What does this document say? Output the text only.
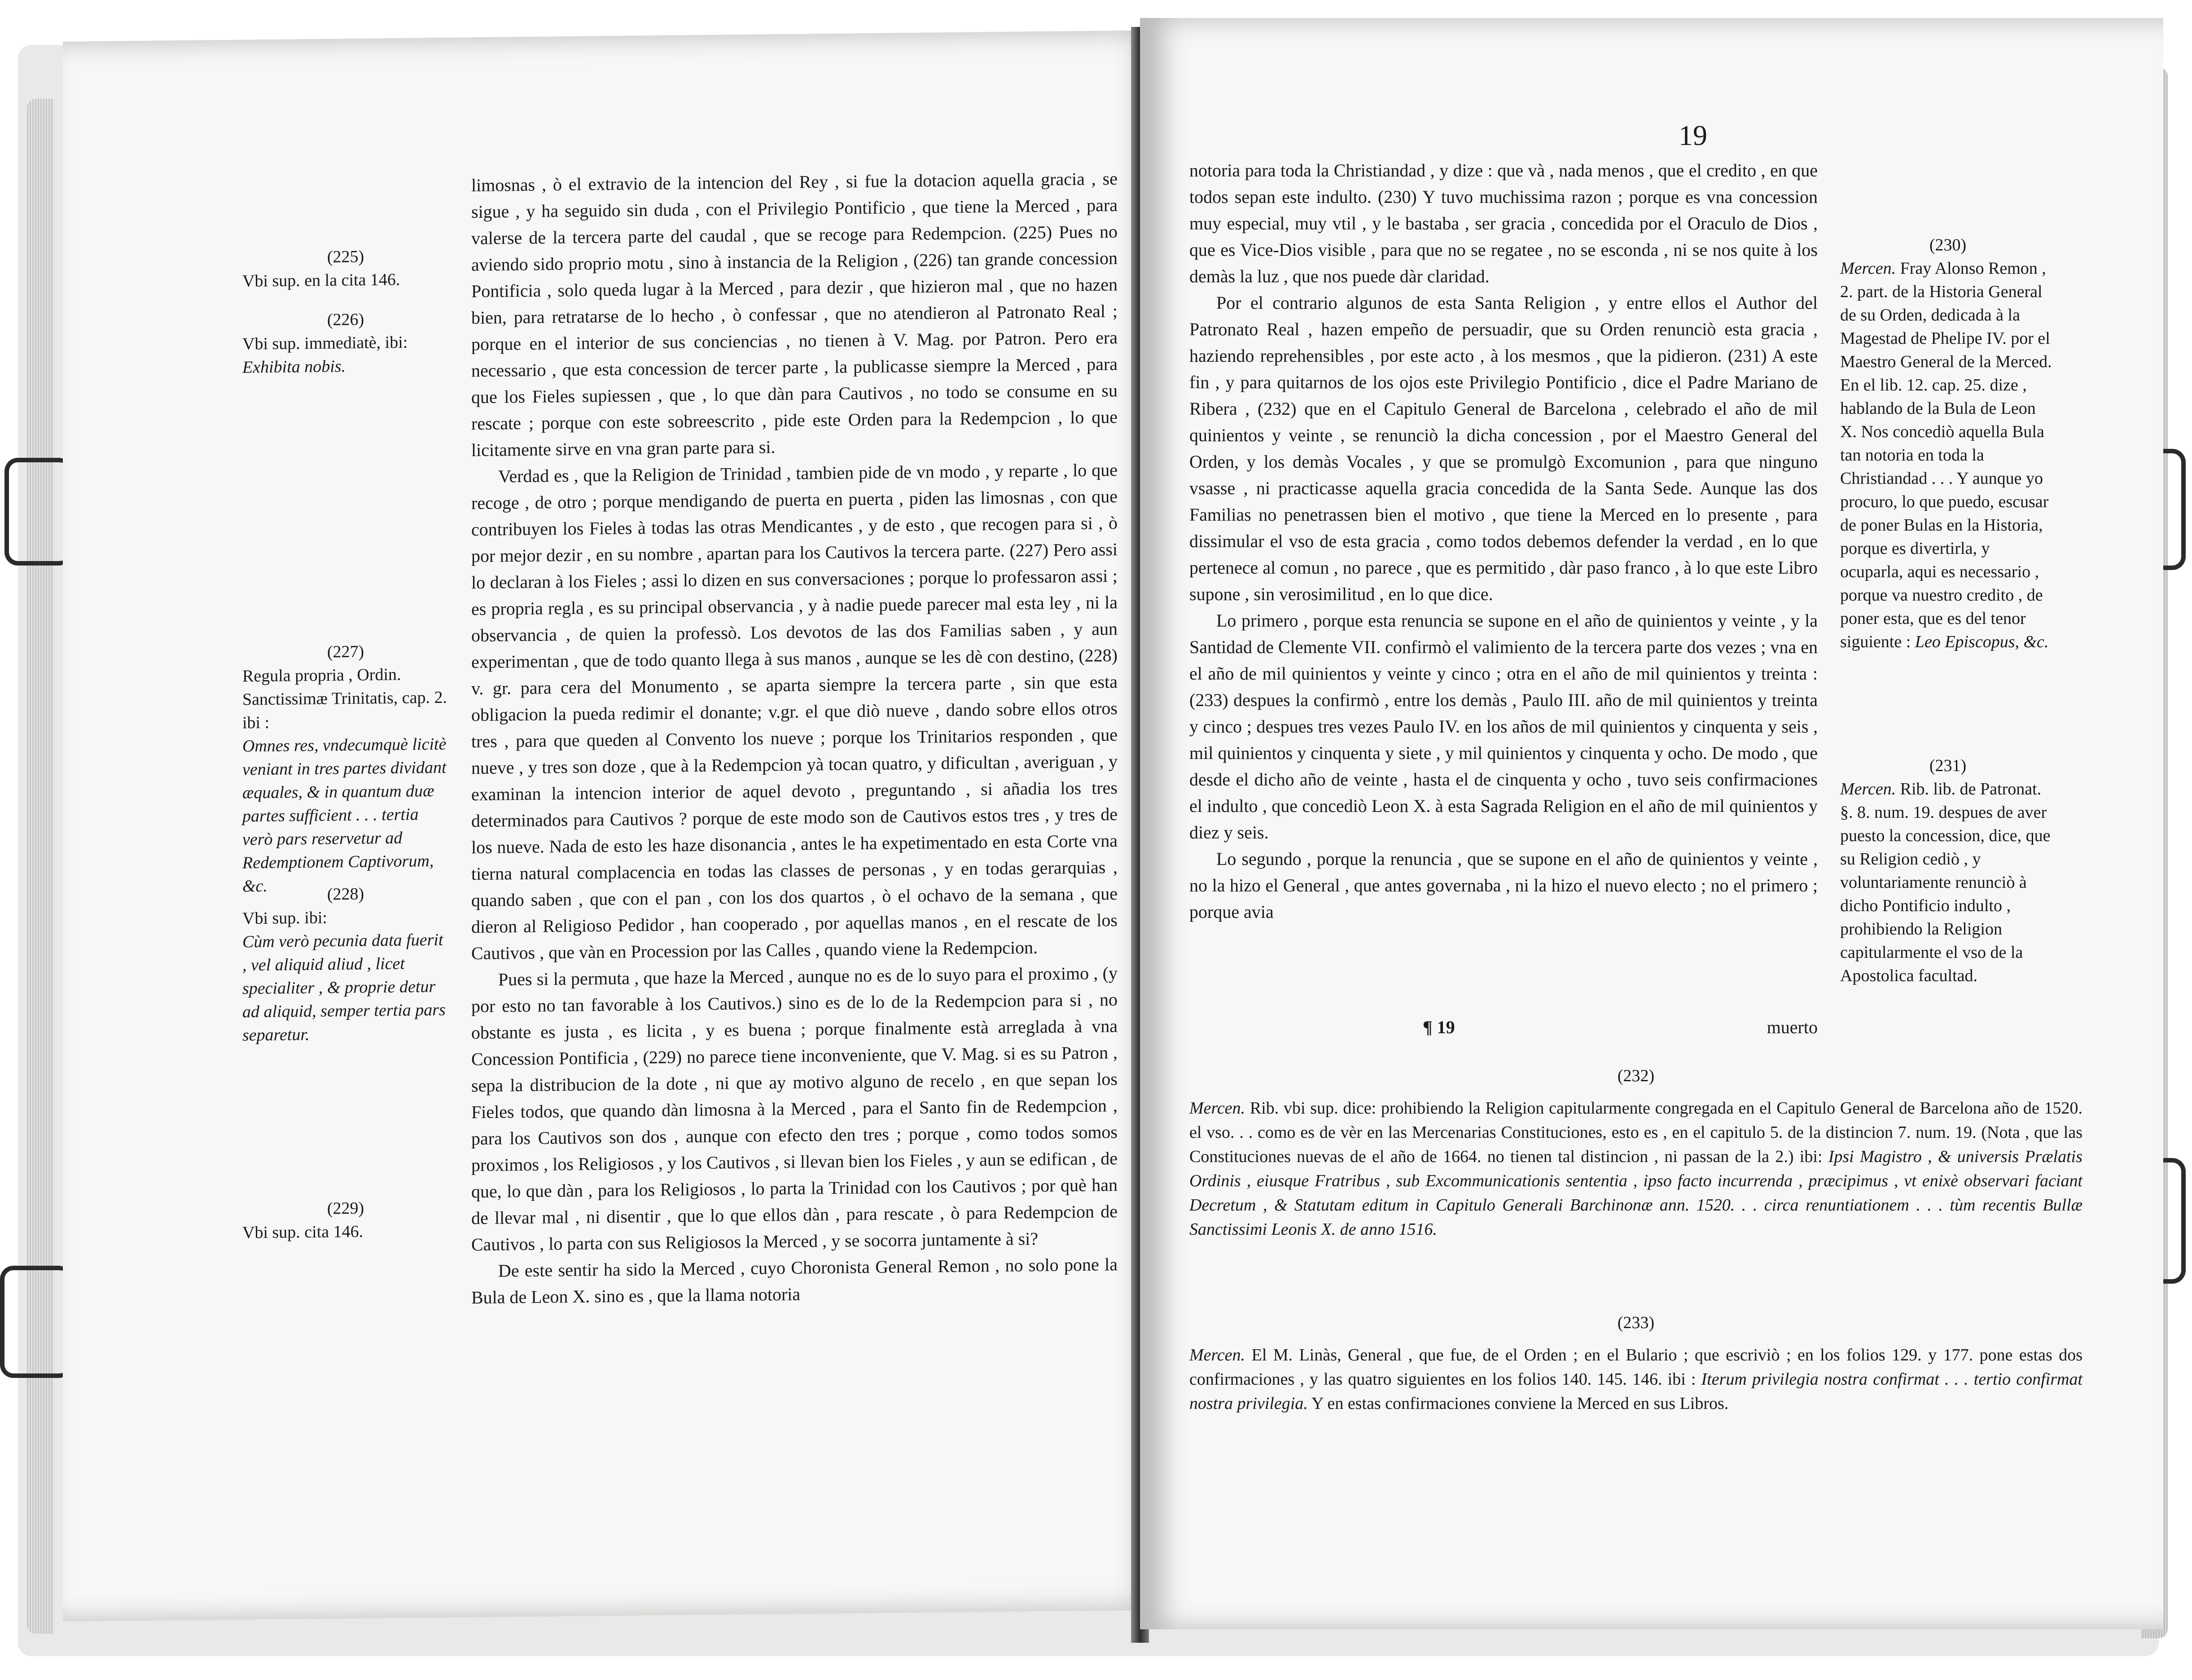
(225)
Vbi sup. en la cita 146.
(226)
Vbi sup. immediatè, ibi:
Exhibita nobis.
(227)
Regula propria , Ordin. Sanctissimæ Trinitatis, cap. 2. ibi :
Omnes res, vndecumquè licitè veniant in tres partes dividant æquales, & in quantum duæ partes sufficient . . . tertia verò pars reservetur ad Redemptionem Captivorum, &c.	(228)
Vbi sup. ibi:
Cùm verò pecunia data fuerit , vel aliquid aliud , licet specialiter , & proprie detur ad aliquid, semper tertia pars separetur.
(229)
Vbi sup. cita 146.

limosnas , ò el extravio de la intencion del Rey , si fue la dotacion aquella gracia , se sigue , y ha seguido sin duda , con el Privilegio Pontificio , que tiene la Merced , para valerse de la tercera parte del caudal , que se recoge para Redempcion. (225) Pues no aviendo sido proprio motu , sino à instancia de la Religion , (226) tan grande concession Pontificia , solo queda lugar à la Merced , para dezir , que hizieron mal , que no hazen bien, para retratarse de lo hecho , ò confessar , que no atendieron al Patronato Real ; porque en el interior de sus conciencias , no tienen à V. Mag. por Patron. Pero era necessario , que esta concession de tercer parte , la publicasse siempre la Merced , para que los Fieles supiessen , que , lo que dàn para Cautivos , no todo se consume en su rescate ; porque con este sobreescrito , pide este Orden para la Redempcion , lo que licitamente sirve en vna gran parte para si.

Verdad es , que la Religion de Trinidad , tambien pide de vn modo , y reparte , lo que recoge , de otro ; porque mendigando de puerta en puerta , piden las limosnas , con que contribuyen los Fieles à todas las otras Mendicantes , y de esto , que recogen para si , ò por mejor dezir , en su nombre , apartan para los Cautivos la tercera parte. (227) Pero assi lo declaran à los Fieles ; assi lo dizen en sus conversaciones ; porque lo professaron assi ; es propria regla , es su principal observancia , y à nadie puede parecer mal esta ley , ni la observancia , de quien la professò. Los devotos de las dos Familias saben , y aun experimentan , que de todo quanto llega à sus manos , aunque se les dè con destino, (228) v. gr. para cera del Monumento , se aparta siempre la tercera parte , sin que esta obligacion la pueda redimir el donante; v.gr. el que diò nueve , dando sobre ellos otros tres , para que queden al Convento los nueve ; porque los Trinitarios responden , que nueve , y tres son doze , que à la Redempcion yà tocan quatro, y dificultan , averiguan , y examinan la intencion interior de aquel devoto , preguntando , si añadia los tres determinados para Cautivos ? porque de este modo son de Cautivos estos tres , y tres de los nueve. Nada de esto les haze disonancia , antes le ha expetimentado en esta Corte vna tierna natural complacencia en todas las classes de personas , y en todas gerarquias , quando saben , que con el pan , con los dos quartos , ò el ochavo de la semana , que dieron al Religioso Pedidor , han cooperado , por aquellas manos , en el rescate de los Cautivos , que vàn en Procession por las Calles , quando viene la Redempcion.

Pues si la permuta , que haze la Merced , aunque no es de lo suyo para el proximo , (y por esto no tan favorable à los Cautivos.) sino es de lo de la Redempcion para si , no obstante es justa , es licita , y es buena ; porque finalmente està arreglada à vna Concession Pontificia , (229) no parece tiene inconveniente, que V. Mag. si es su Patron , sepa la distribucion de la dote , ni que ay motivo alguno de recelo , en que sepan los Fieles todos, que quando dàn limosna à la Merced , para el Santo fin de Redempcion , para los Cautivos son dos , aunque con efecto den tres ; porque , como todos somos proximos , los Religiosos , y los Cautivos , si llevan bien los Fieles , y aun se edifican , de que, lo que dàn , para los Religiosos , lo parta la Trinidad con los Cautivos ; por què han de llevar mal , ni disentir , que lo que ellos dàn , para rescate , ò para Redempcion de Cautivos , lo parta con sus Religiosos la Merced , y se socorra juntamente à si?

De este sentir ha sido la Merced , cuyo Choronista General Remon , no solo pone la Bula de Leon X. sino es , que la llama notoria

19

notoria para toda la Christiandad , y dize : que và , nada menos , que el credito , en que todos sepan este indulto. (230) Y tuvo muchissima razon ; porque es vna concession muy especial, muy vtil , y le bastaba , ser gracia , concedida por el Oraculo de Dios , que es Vice-Dios visible , para que no se regatee , no se esconda , ni se nos quite à los demàs la luz , que nos puede dàr claridad.

Por el contrario algunos de esta Santa Religion , y entre ellos el Author del Patronato Real , hazen empeño de persuadir, que su Orden renunciò esta gracia , haziendo reprehensibles , por este acto , à los mesmos , que la pidieron. (231) A este fin , y para quitarnos de los ojos este Privilegio Pontificio , dice el Padre Mariano de Ribera , (232) que en el Capitulo General de Barcelona , celebrado el año de mil quinientos y veinte , se renunciò la dicha concession , por el Maestro General del Orden, y los demàs Vocales , y que se promulgò Excomunion , para que ninguno vsasse , ni practicasse aquella gracia concedida de la Santa Sede. Aunque las dos Familias no penetrassen bien el motivo , que tiene la Merced en lo presente , para dissimular el vso de esta gracia , como todos debemos defender la verdad , en lo que pertenece al comun , no parece , que es permitido , dàr paso franco , à lo que este Libro supone , sin verosimilitud , en lo que dice.

Lo primero , porque esta renuncia se supone en el año de quinientos y veinte , y la Santidad de Clemente VII. confirmò el valimiento de la tercera parte dos vezes ; vna en el año de mil quinientos y veinte y cinco ; otra en el año de mil quinientos y treinta : (233) despues la confirmò , entre los demàs , Paulo III. año de mil quinientos y treinta y cinco ; despues tres vezes Paulo IV. en los años de mil quinientos y cinquenta y seis , mil quinientos y cinquenta y siete , y mil quinientos y cinquenta y ocho. De modo , que desde el dicho año de veinte , hasta el de cinquenta y ocho , tuvo seis confirmaciones el indulto , que concediò Leon X. à esta Sagrada Religion en el año de mil quinientos y diez y seis.

Lo segundo , porque la renuncia , que se supone en el año de quinientos y veinte , no la hizo el General , que antes governaba , ni la hizo el nuevo electo ; no el primero ; porque avia

¶ 19	muerto
(230)
Mercen. Fray Alonso Remon , 2. part. de la Historia General de su Orden, dedicada à la Magestad de Phelipe IV. por el Maestro General de la Merced. En el lib. 12. cap. 25. dize , hablando de la Bula de Leon X. Nos concediò aquella Bula tan notoria en toda la Christiandad . . . Y aunque yo procuro, lo que puedo, escusar de poner Bulas en la Historia, porque es divertirla, y ocuparla, aqui es necessario , porque va nuestro credito , de poner esta, que es del tenor siguiente : Leo Episcopus, &c.
(231)
Mercen. Rib. lib. de Patronat. §. 8. num. 19. despues de aver puesto la concession, dice, que su Religion cediò , y voluntariamente renunciò à dicho Pontificio indulto , prohibiendo la Religion capitularmente el vso de la Apostolica facultad.
(232)
Mercen. Rib. vbi sup. dice: prohibiendo la Religion capitularmente congregada en el Capitulo General de Barcelona año de 1520. el vso. . . como es de vèr en las Mercenarias Constituciones, esto es , en el capitulo 5. de la distincion 7. num. 19. (Nota , que las Constituciones nuevas de el año de 1664. no tienen tal distincion , ni passan de la 2.) ibi: Ipsi Magistro , & universis Prælatis Ordinis , eiusque Fratribus , sub Excommunicationis sententia , ipso facto incurrenda , præcipimus , vt enixè observari faciant Decretum , & Statutam editum in Capitulo Generali Barchinonæ ann. 1520. . . circa renuntiationem . . . tùm recentis Bullæ Sanctissimi Leonis X. de anno 1516.
(233)
Mercen. El M. Linàs, General , que fue, de el Orden ; en el Bulario ; que escriviò ; en los folios 129. y 177. pone estas dos confirmaciones , y las quatro siguientes en los folios 140. 145. 146. ibi : Iterum privilegia nostra confirmat . . . tertio confirmat nostra privilegia. Y en estas confirmaciones conviene la Merced en sus Libros.
